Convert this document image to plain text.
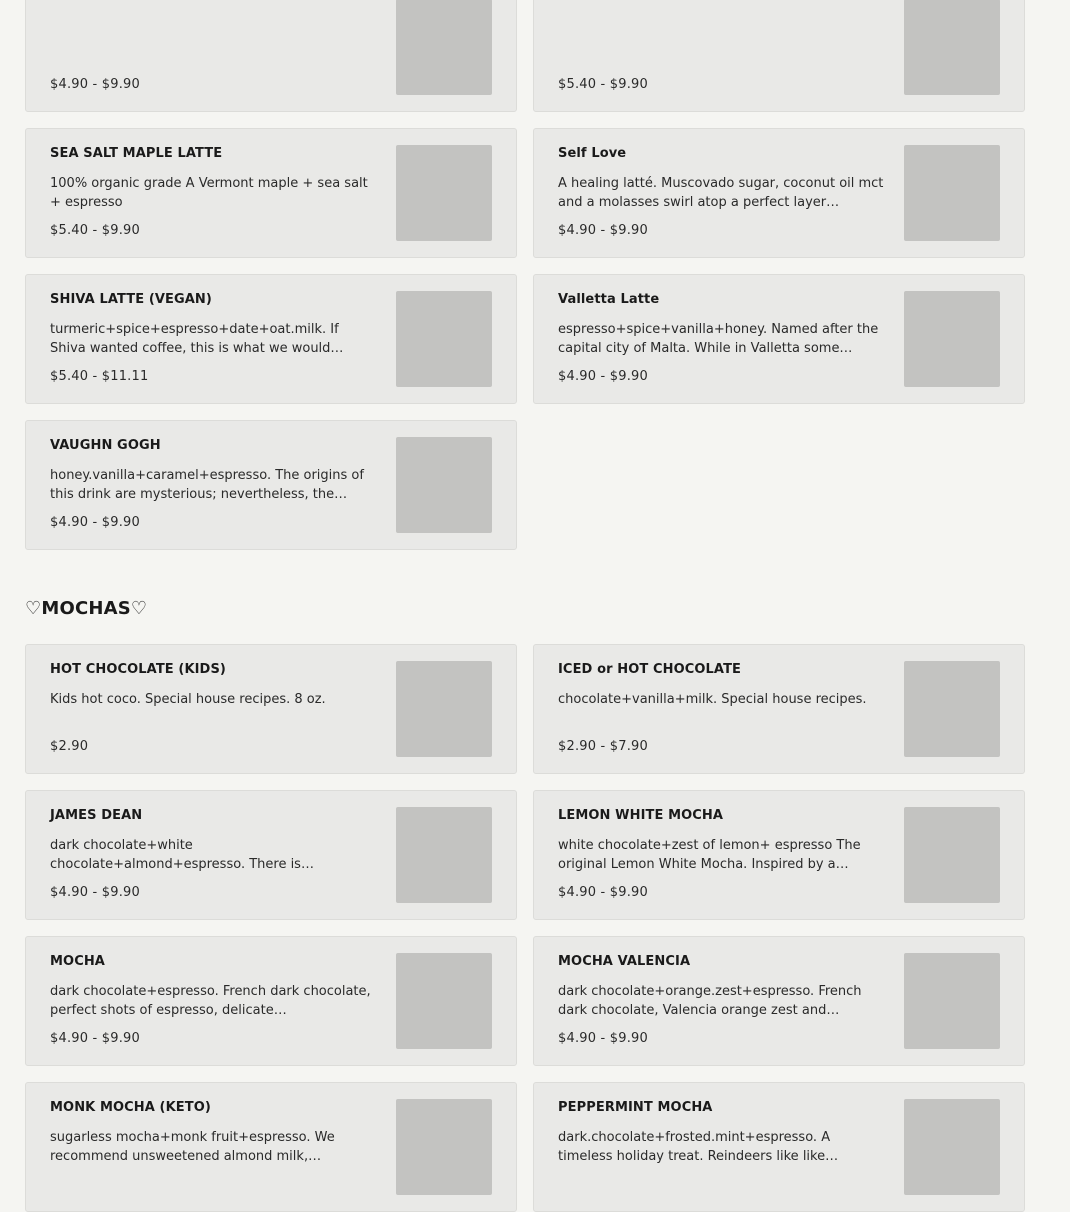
$4.90 - $9.90	$5.40 - $9.90
SEA SALT MAPLE LATTE
100% organic grade A Vermont maple + sea salt + espresso
$5.40 - $9.90
Self Love
A healing latté. Muscovado sugar, coconut oil mct and a molasses swirl atop a perfect layer…
$4.90 - $9.90
SHIVA LATTE (VEGAN)
turmeric+spice+espresso+date+oat.milk. If Shiva wanted coffee, this is what we would…
$5.40 - $11.11
Valletta Latte
espresso+spice+vanilla+honey. Named after the capital city of Malta. While in Valletta some…
$4.90 - $9.90
VAUGHN GOGH
honey.vanilla+caramel+espresso. The origins of this drink are mysterious; nevertheless, the…
$4.90 - $9.90
♡MOCHAS♡
HOT CHOCOLATE (KIDS)
Kids hot coco. Special house recipes. 8 oz.
$2.90
ICED or HOT CHOCOLATE
chocolate+vanilla+milk. Special house recipes.
$2.90 - $7.90
JAMES DEAN
dark chocolate+white chocolate+almond+espresso. There is…
$4.90 - $9.90
LEMON WHITE MOCHA
white chocolate+zest of lemon+ espresso The original Lemon White Mocha. Inspired by a…
$4.90 - $9.90
MOCHA
dark chocolate+espresso. French dark chocolate, perfect shots of espresso, delicate…
$4.90 - $9.90
MOCHA VALENCIA
dark chocolate+orange.zest+espresso. French dark chocolate, Valencia orange zest and…
$4.90 - $9.90
MONK MOCHA (KETO)
sugarless mocha+monk fruit+espresso. We recommend unsweetened almond milk,…
PEPPERMINT MOCHA
dark.chocolate+frosted.mint+espresso. A timeless holiday treat. Reindeers like like…
